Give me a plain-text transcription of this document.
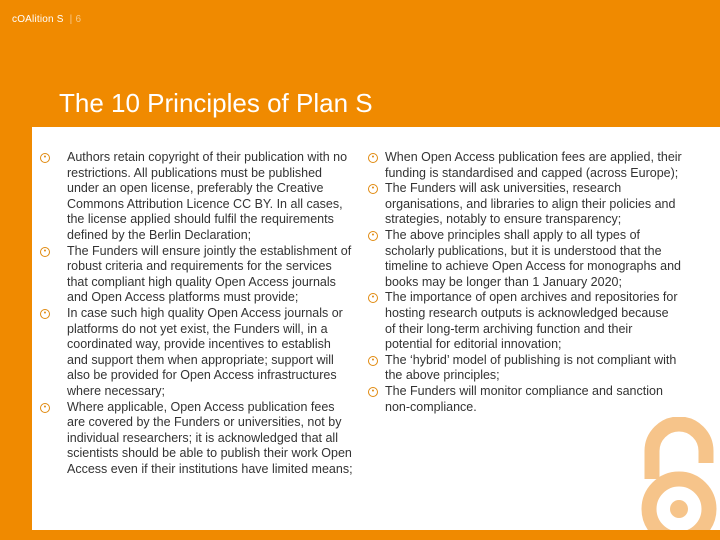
cOAlition S | 6
The 10 Principles of Plan S
•	Authors retain copyright of their publication with no restrictions. All publications must be published under an open license, preferably the Creative Commons Attribution Licence CC BY. In all cases, the license applied should fulfil the requirements defined by the Berlin Declaration;
•	The Funders will ensure jointly the establishment of robust criteria and requirements for the services that compliant high quality Open Access journals and Open Access platforms must provide;
•	In case such high quality Open Access journals or platforms do not yet exist, the Funders will, in a coordinated way, provide incentives to establish and support them when appropriate; support will also be provided for Open Access infrastructures where necessary;
•	Where applicable, Open Access publication fees are covered by the Funders or universities, not by individual researchers; it is acknowledged that all scientists should be able to publish their work Open Access even if their institutions have limited means;
• When Open Access publication fees are applied, their funding is standardised and capped (across Europe);
• The Funders will ask universities, research organisations, and libraries to align their policies and strategies, notably to ensure transparency;
• The above principles shall apply to all types of scholarly publications, but it is understood that the timeline to achieve Open Access for monographs and books may be longer than 1 January 2020;
• The importance of open archives and repositories for hosting research outputs is acknowledged because of their long-term archiving function and their potential for editorial innovation;
• The ‘hybrid’ model of publishing is not compliant with the above principles;
• The Funders will monitor compliance and sanction non-compliance.
